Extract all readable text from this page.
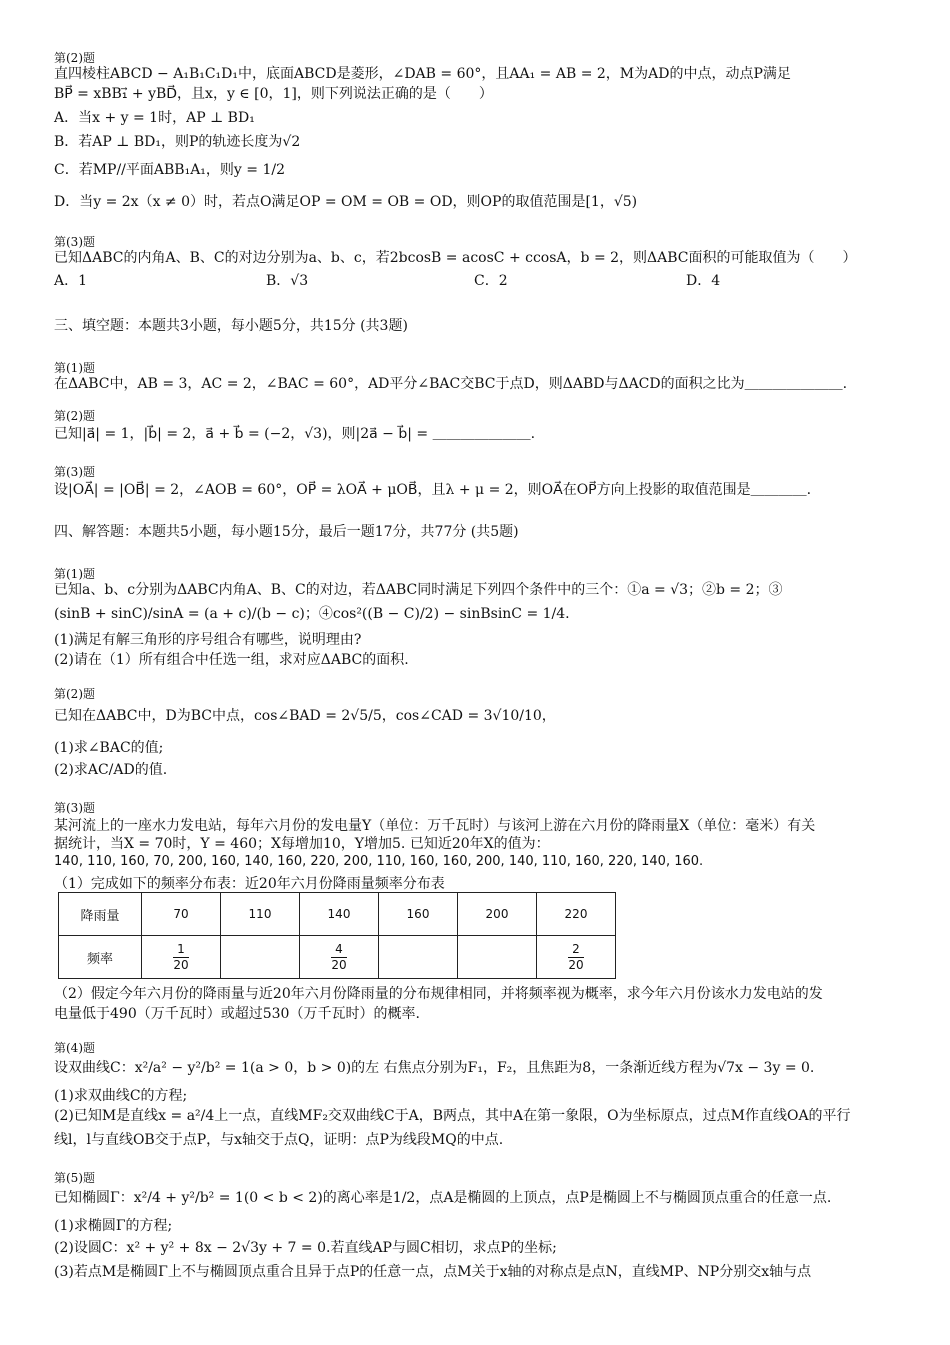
第(2)题
直四棱柱ABCD − A₁B₁C₁D₁中，底面ABCD是菱形，∠DAB = 60°，且AA₁ = AB = 2，M为AD的中点，动点P满足
BP⃗ = xBB₁⃗ + yBD⃗，且x，y ∈ [0，1]，则下列说法正确的是（　　）
A．当x + y = 1时，AP ⊥ BD₁
B．若AP ⊥ BD₁，则P的轨迹长度为√2
C．若MP//平面ABB₁A₁，则y = 1/2
D．当y = 2x（x ≠ 0）时，若点O满足OP = OM = OB = OD，则OP的取值范围是[1，√5)
第(3)题
已知ΔABC的内角A、B、C的对边分别为a、b、c，若2bcosB = acosC + ccosA，b = 2，则ΔABC面积的可能取值为（　　）
A．1	B．√3	C．2	D．4
三、填空题：本题共3小题，每小题5分，共15分 (共3题)
第(1)题
在ΔABC中，AB = 3，AC = 2，∠BAC = 60°，AD平分∠BAC交BC于点D，则ΔABD与ΔACD的面积之比为＿＿＿＿＿＿＿.
第(2)题
已知|a⃗| = 1，|b⃗| = 2，a⃗ + b⃗ = (−2，√3)，则|2a⃗ − b⃗| = ＿＿＿＿＿＿＿.
第(3)题
设|OA⃗| = |OB⃗| = 2，∠AOB = 60°，OP⃗ = λOA⃗ + μOB⃗，且λ + μ = 2，则OA⃗在OP⃗方向上投影的取值范围是＿＿＿＿.
四、解答题：本题共5小题，每小题15分，最后一题17分，共77分 (共5题)
第(1)题
已知a、b、c分别为ΔABC内角A、B、C的对边，若ΔABC同时满足下列四个条件中的三个：①a = √3；②b = 2；③
(sinB + sinC)/sinA = (a + c)/(b − c)；④cos²((B − C)/2) − sinBsinC = 1/4.
(1)满足有解三角形的序号组合有哪些，说明理由?
(2)请在（1）所有组合中任选一组，求对应ΔABC的面积.
第(2)题
已知在ΔABC中，D为BC中点，cos∠BAD = 2√5/5，cos∠CAD = 3√10/10，
(1)求∠BAC的值;
(2)求AC/AD的值.
第(3)题
某河流上的一座水力发电站，每年六月份的发电量Y（单位：万千瓦时）与该河上游在六月份的降雨量X（单位：毫米）有关
据统计，当X = 70时，Y = 460；X每增加10，Y增加5. 已知近20年X的值为：
140, 110, 160, 70, 200, 160, 140, 160, 220, 200, 110, 160, 160, 200, 140, 110, 160, 220, 140, 160.
（1）完成如下的频率分布表：近20年六月份降雨量频率分布表
降雨量	70	110	140	160	200	220
频率	$\frac{1}{20}$		$\frac{4}{20}$			$\frac{2}{20}$
（2）假定今年六月份的降雨量与近20年六月份降雨量的分布规律相同，并将频率视为概率，求今年六月份该水力发电站的发
电量低于490（万千瓦时）或超过530（万千瓦时）的概率.
第(4)题
设双曲线C：x²/a² − y²/b² = 1(a > 0，b > 0)的左 右焦点分别为F₁，F₂，且焦距为8，一条渐近线方程为√7x − 3y = 0.
(1)求双曲线C的方程;
(2)已知M是直线x = a²/4上一点，直线MF₂交双曲线C于A，B两点，其中A在第一象限，O为坐标原点，过点M作直线OA的平行
线l，l与直线OB交于点P，与x轴交于点Q，证明：点P为线段MQ的中点.
第(5)题
已知椭圆Γ：x²/4 + y²/b² = 1(0 < b < 2)的离心率是1/2，点A是椭圆的上顶点，点P是椭圆上不与椭圆顶点重合的任意一点.
(1)求椭圆Γ的方程;
(2)设圆C：x² + y² + 8x − 2√3y + 7 = 0.若直线AP与圆C相切，求点P的坐标;
(3)若点M是椭圆Γ上不与椭圆顶点重合且异于点P的任意一点，点M关于x轴的对称点是点N，直线MP、NP分别交x轴与点
